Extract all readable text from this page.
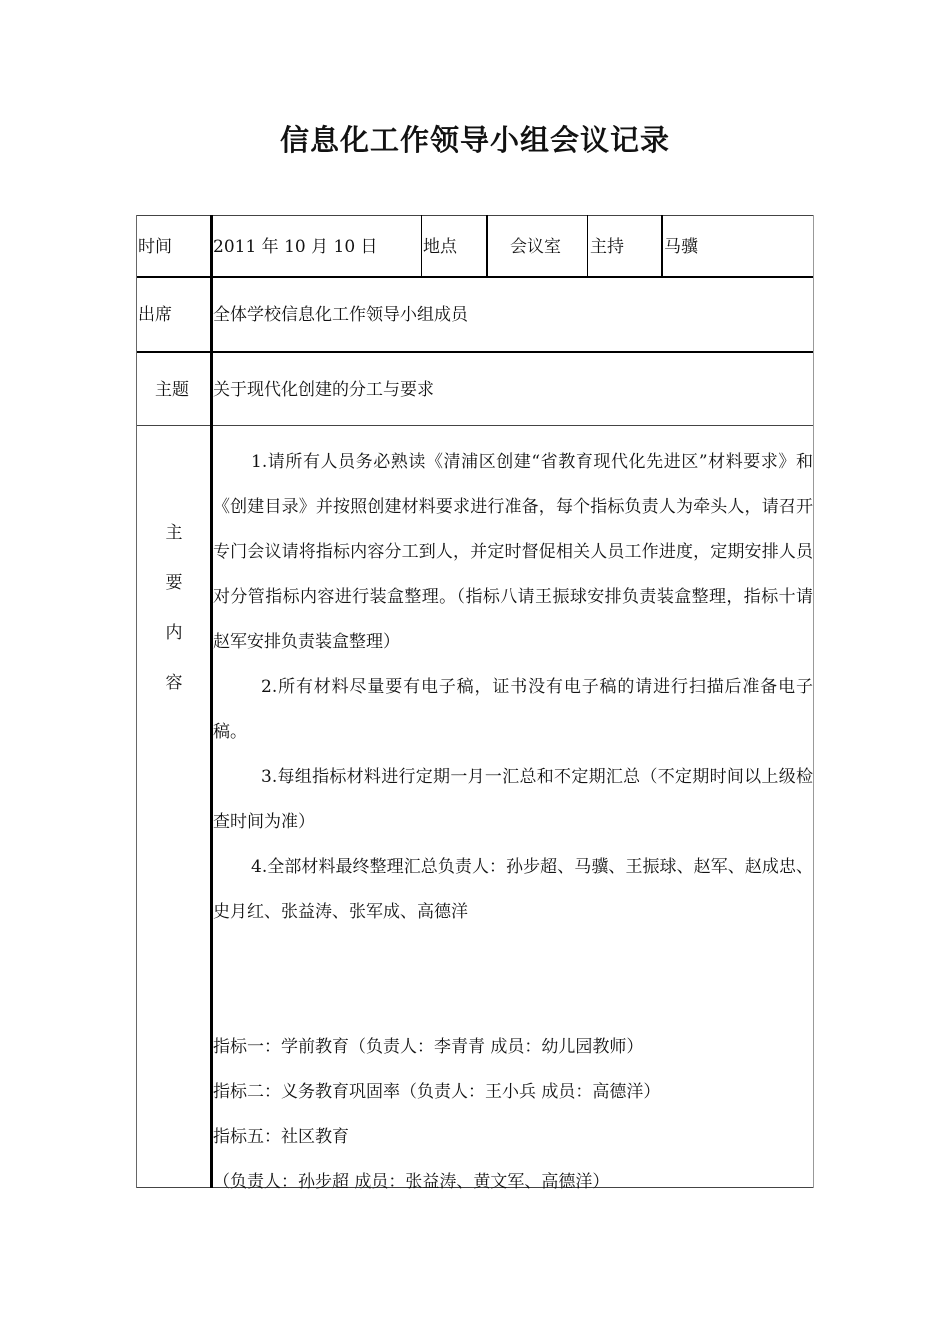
信息化工作领导小组会议记录
时间 2011 年 10 月 10 日	地点	会议室 主持 马骥
出席 全体学校信息化工作领导小组成员
主题 关于现代化创建的分工与要求
主
要
内
容

1.请所有人员务必熟读《清浦区创建“省教育现代化先进区”材料要求》和《创建目录》并按照创建材料要求进行准备，每个指标负责人为牵头人，请召开专门会议请将指标内容分工到人，并定时督促相关人员工作进度，定期安排人员对分管指标内容进行装盒整理。（指标八请王振球安排负责装盒整理，指标十请赵军安排负责装盒整理）

2.所有材料尽量要有电子稿，证书没有电子稿的请进行扫描后准备电子稿。

3.每组指标材料进行定期一月一汇总和不定期汇总（不定期时间以上级检查时间为准）

4.全部材料最终整理汇总负责人：孙步超、马骥、王振球、赵军、赵成忠、史月红、张益涛、张军成、高德洋

指标一：学前教育（负责人：李青青 成员：幼儿园教师）

指标二：义务教育巩固率（负责人：王小兵 成员：高德洋）

指标五：社区教育

（负责人：孙步超 成员：张益涛、黄文军、高德洋）
